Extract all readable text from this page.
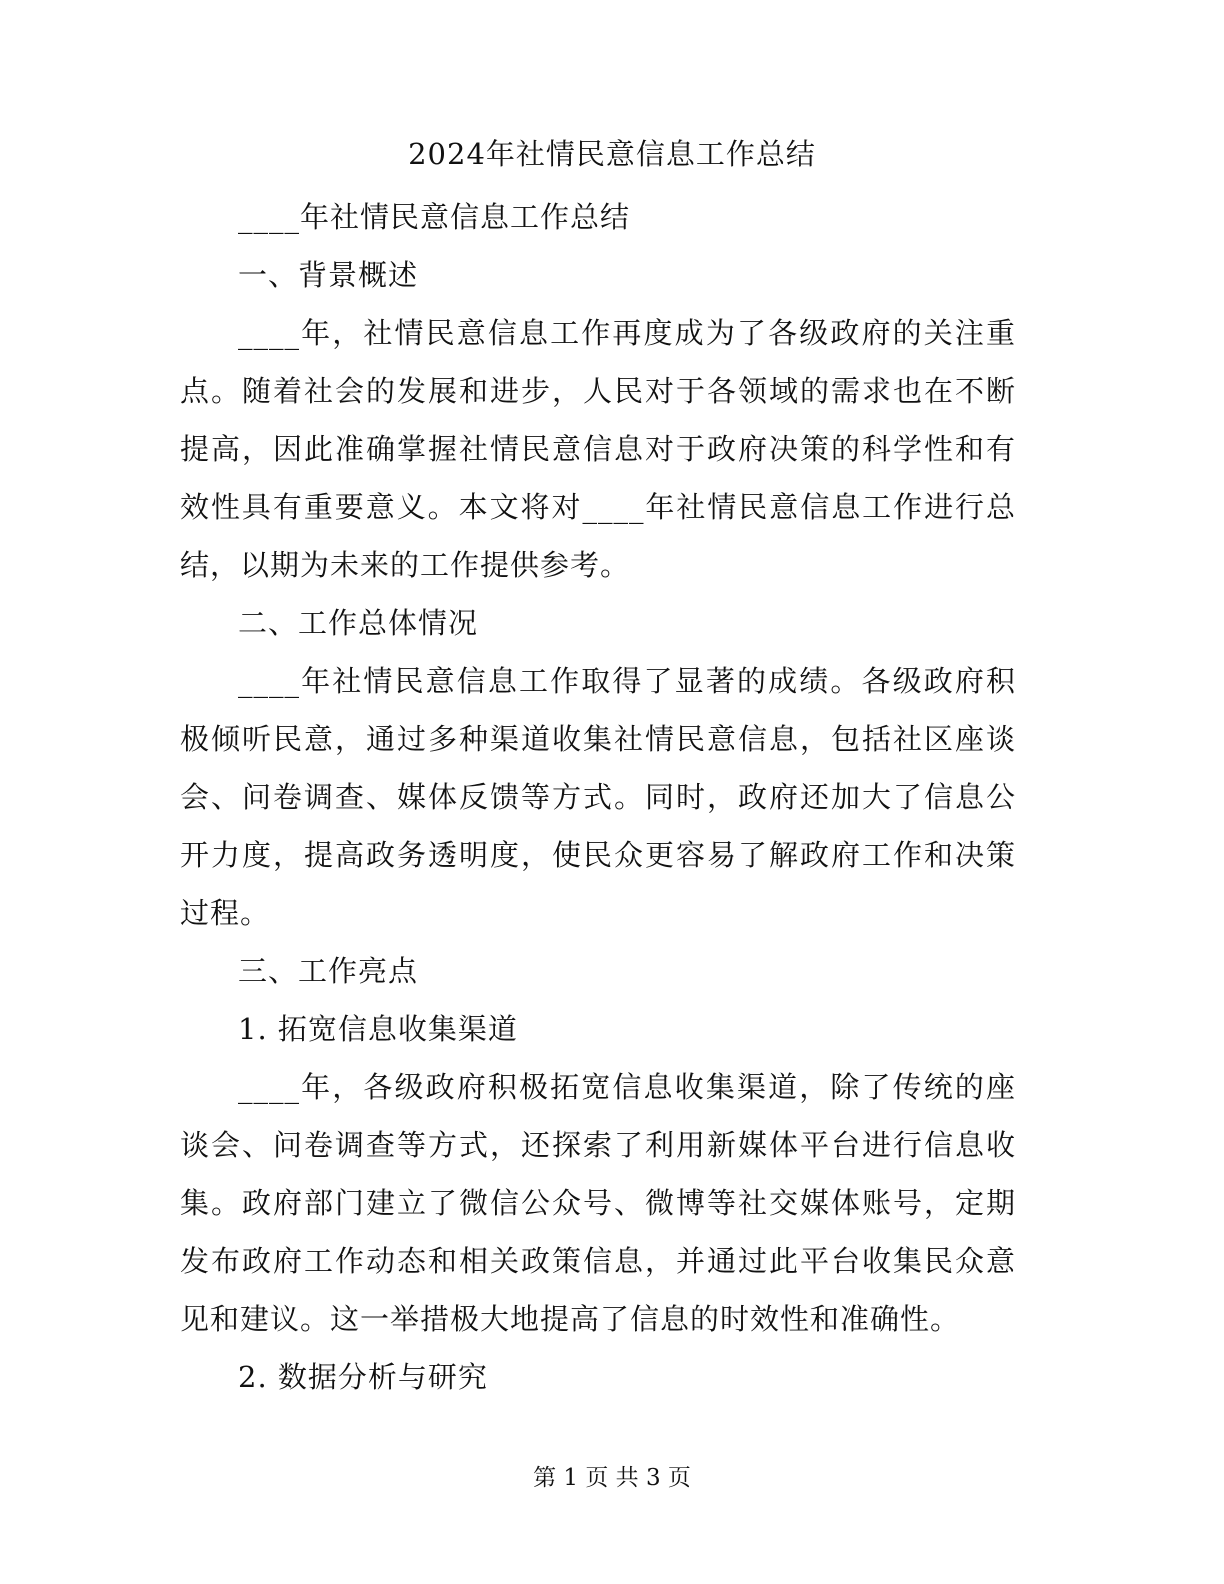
2024年社情民意信息工作总结

____年社情民意信息工作总结

一、背景概述

____年，社情民意信息工作再度成为了各级政府的关注重点。随着社会的发展和进步，人民对于各领域的需求也在不断提高，因此准确掌握社情民意信息对于政府决策的科学性和有效性具有重要意义。本文将对____年社情民意信息工作进行总结，以期为未来的工作提供参考。

二、工作总体情况

____年社情民意信息工作取得了显著的成绩。各级政府积极倾听民意，通过多种渠道收集社情民意信息，包括社区座谈会、问卷调查、媒体反馈等方式。同时，政府还加大了信息公开力度，提高政务透明度，使民众更容易了解政府工作和决策过程。

三、工作亮点

1. 拓宽信息收集渠道

____年，各级政府积极拓宽信息收集渠道，除了传统的座谈会、问卷调查等方式，还探索了利用新媒体平台进行信息收集。政府部门建立了微信公众号、微博等社交媒体账号，定期发布政府工作动态和相关政策信息，并通过此平台收集民众意见和建议。这一举措极大地提高了信息的时效性和准确性。

2. 数据分析与研究

第 1 页 共 3 页
